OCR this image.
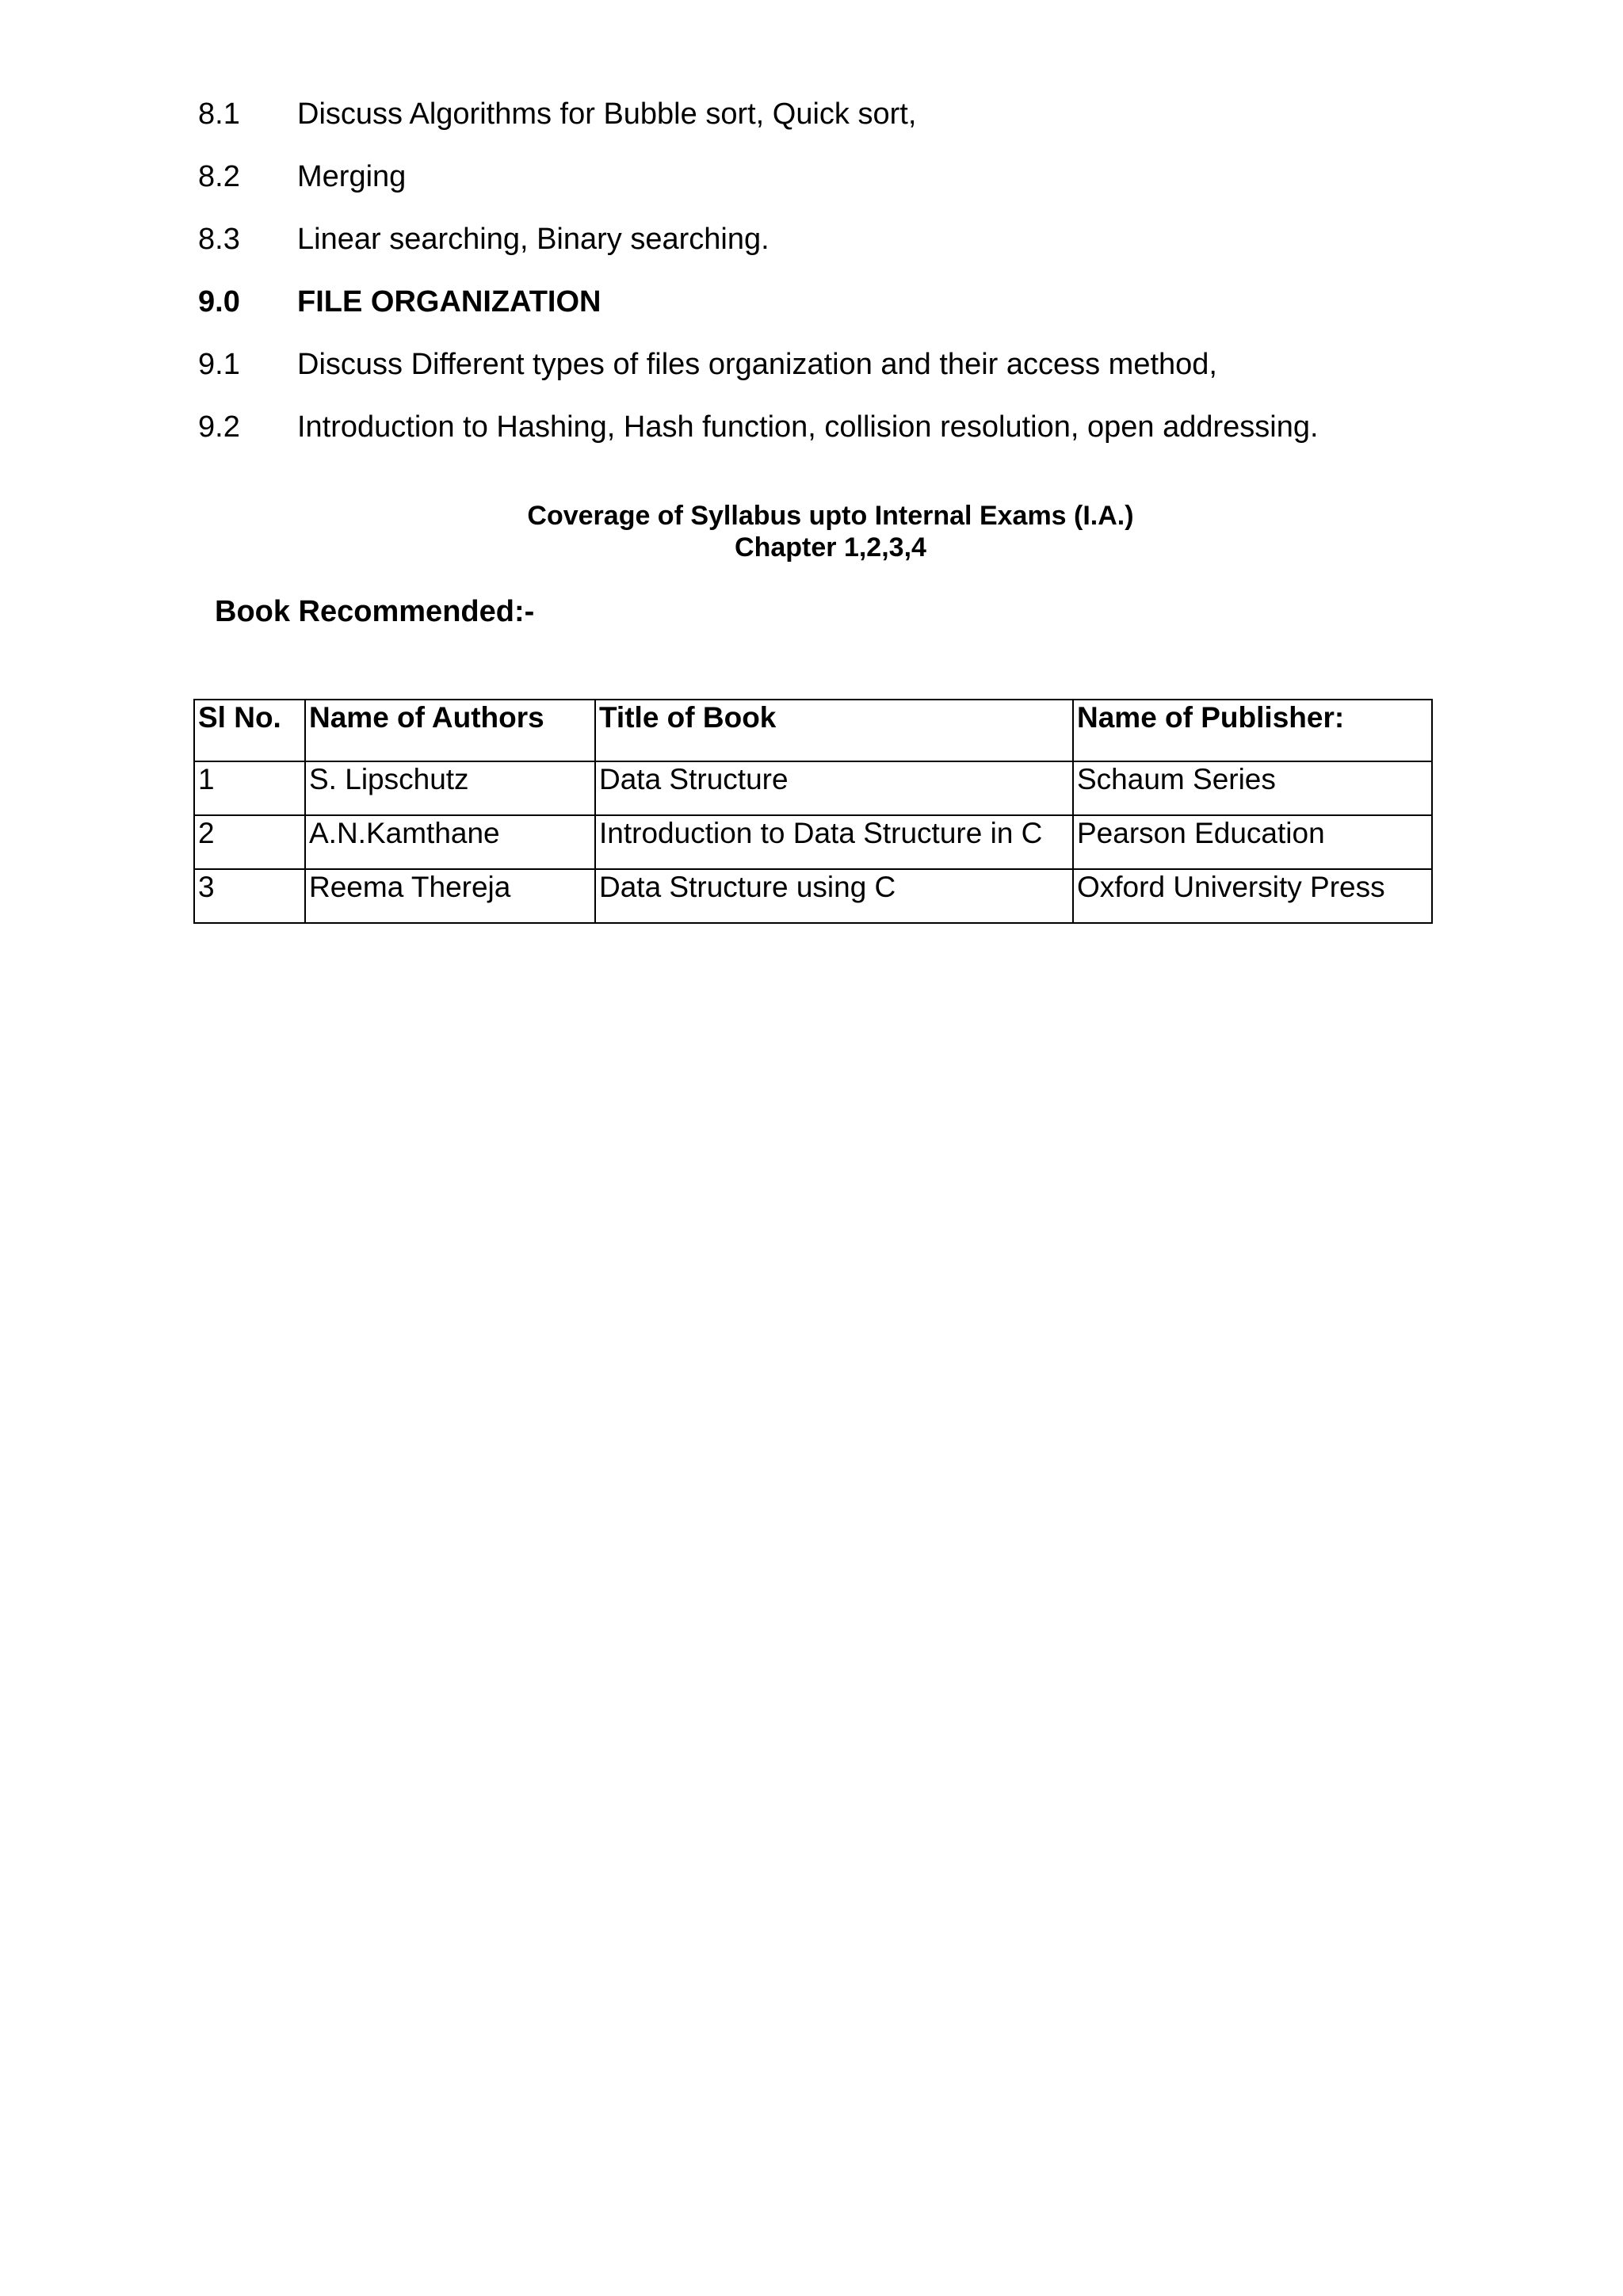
8.1 Discuss Algorithms for Bubble sort, Quick sort,
8.2 Merging
8.3 Linear searching, Binary searching.
9.0 FILE ORGANIZATION
9.1 Discuss Different types of files organization and their access method,
9.2 Introduction to Hashing, Hash function, collision resolution, open addressing.
Coverage of Syllabus upto Internal Exams (I.A.)
Chapter 1,2,3,4
Book Recommended:-
Sl No.	Name of Authors	Title of Book	Name of Publisher:
1	S. Lipschutz	Data Structure	Schaum Series
2	A.N.Kamthane	Introduction to Data Structure in C	Pearson Education
3	Reema Thereja	Data Structure using C	Oxford University Press
